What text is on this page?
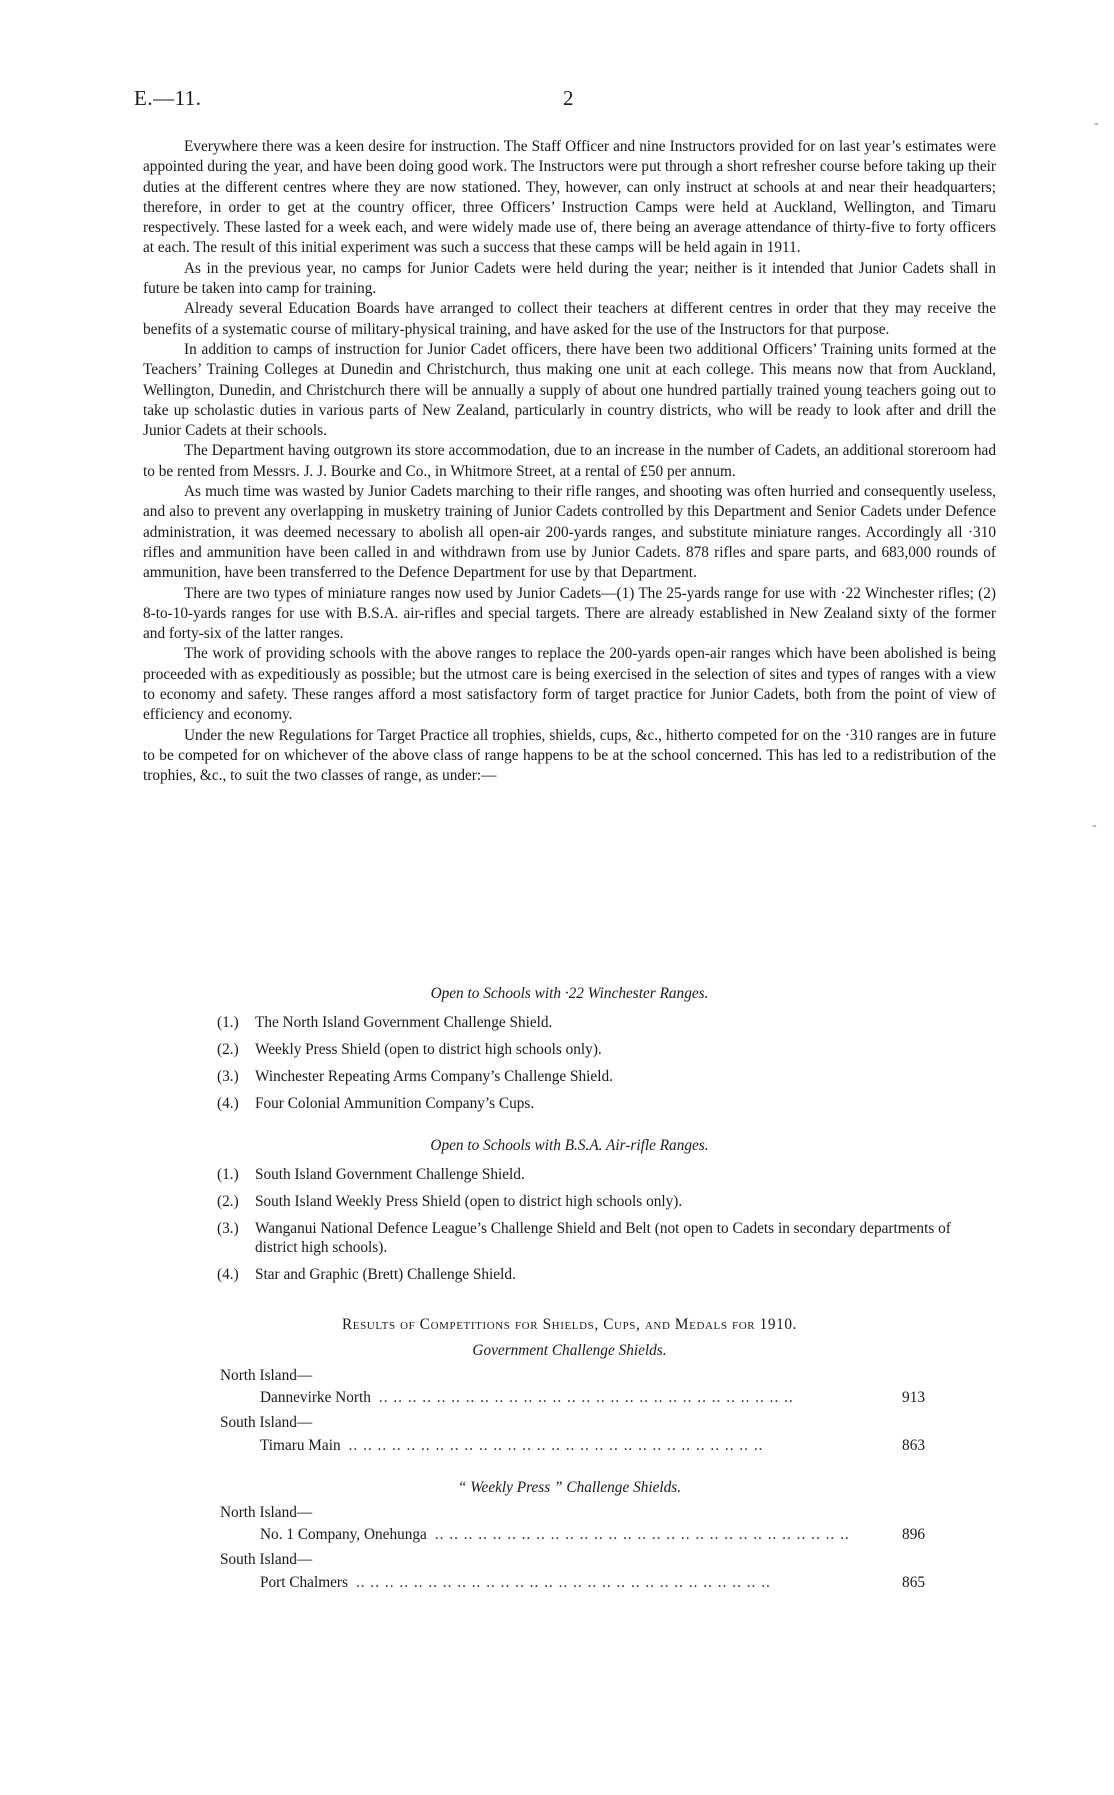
E.—11.	2
‑
‑

Everywhere there was a keen desire for instruction. The Staff Officer and nine Instructors provided for on last year’s estimates were appointed during the year, and have been doing good work. The Instructors were put through a short refresher course before taking up their duties at the different centres where they are now stationed. They, however, can only instruct at schools at and near their headquarters; therefore, in order to get at the country officer, three Officers’ Instruction Camps were held at Auckland, Wellington, and Timaru respectively. These lasted for a week each, and were widely made use of, there being an average attendance of thirty-five to forty officers at each. The result of this initial experiment was such a success that these camps will be held again in 1911.

As in the previous year, no camps for Junior Cadets were held during the year; neither is it intended that Junior Cadets shall in future be taken into camp for training.

Already several Education Boards have arranged to collect their teachers at different centres in order that they may receive the benefits of a systematic course of military-physical training, and have asked for the use of the Instructors for that purpose.

In addition to camps of instruction for Junior Cadet officers, there have been two additional Officers’ Training units formed at the Teachers’ Training Colleges at Dunedin and Christchurch, thus making one unit at each college. This means now that from Auckland, Wellington, Dunedin, and Christchurch there will be annually a supply of about one hundred partially trained young teachers going out to take up scholastic duties in various parts of New Zealand, particularly in country districts, who will be ready to look after and drill the Junior Cadets at their schools.

The Department having outgrown its store accommodation, due to an increase in the number of Cadets, an additional storeroom had to be rented from Messrs. J. J. Bourke and Co., in Whitmore Street, at a rental of £50 per annum.

As much time was wasted by Junior Cadets marching to their rifle ranges, and shooting was often hurried and consequently useless, and also to prevent any overlapping in musketry training of Junior Cadets controlled by this Department and Senior Cadets under Defence administration, it was deemed necessary to abolish all open-air 200-yards ranges, and substitute miniature ranges. Accordingly all ·310 rifles and ammunition have been called in and withdrawn from use by Junior Cadets. 878 rifles and spare parts, and 683,000 rounds of ammunition, have been transferred to the Defence Department for use by that Department.

There are two types of miniature ranges now used by Junior Cadets—(1) The 25-yards range for use with ·22 Winchester rifles; (2) 8-to-10-yards ranges for use with B.S.A. air-rifles and special targets. There are already established in New Zealand sixty of the former and forty-six of the latter ranges.

The work of providing schools with the above ranges to replace the 200-yards open-air ranges which have been abolished is being proceeded with as expeditiously as possible; but the utmost care is being exercised in the selection of sites and types of ranges with a view to economy and safety. These ranges afford a most satisfactory form of target practice for Junior Cadets, both from the point of view of efficiency and economy.

Under the new Regulations for Target Practice all trophies, shields, cups, &c., hitherto competed for on the ·310 ranges are in future to be competed for on whichever of the above class of range happens to be at the school concerned. This has led to a redistribution of the trophies, &c., to suit the two classes of range, as under:—

Open to Schools with ·22 Winchester Ranges.
(1.)	The North Island Government Challenge Shield.
(2.)	Weekly Press Shield (open to district high schools only).
(3.)	Winchester Repeating Arms Company’s Challenge Shield.
(4.)	Four Colonial Ammunition Company’s Cups.
Open to Schools with B.S.A. Air-rifle Ranges.
(1.)	South Island Government Challenge Shield.
(2.)	South Island Weekly Press Shield (open to district high schools only).
(3.)	Wanganui National Defence League’s Challenge Shield and Belt (not open to Cadets in secondary departments of district high schools).
(4.)	Star and Graphic (Brett) Challenge Shield.
Results of Competitions for Shields, Cups, and Medals for 1910.
Government Challenge Shields.
North Island—
Dannevirke North .. .. .. .. .. .. .. .. .. .. .. .. .. .. .. .. .. .. .. .. .. .. .. .. .. .. .. .. ..	913
South Island—
Timaru Main .. .. .. .. .. .. .. .. .. .. .. .. .. .. .. .. .. .. .. .. .. .. .. .. .. .. .. .. ..	863
“ Weekly Press ” Challenge Shields.
North Island—
No. 1 Company, Onehunga .. .. .. .. .. .. .. .. .. .. .. .. .. .. .. .. .. .. .. .. .. .. .. .. .. .. .. .. ..	896
South Island—
Port Chalmers .. .. .. .. .. .. .. .. .. .. .. .. .. .. .. .. .. .. .. .. .. .. .. .. .. .. .. .. ..	865
